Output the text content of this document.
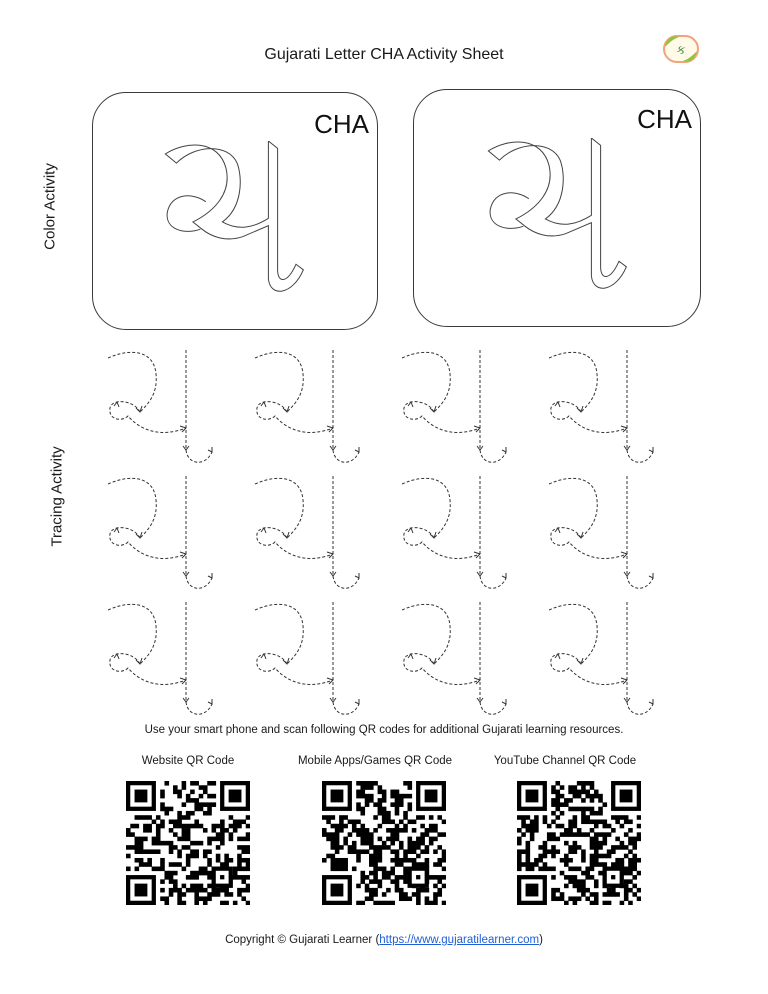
Gujarati Letter CHA Activity Sheet	ક
Color Activity
CHA	CHA
Tracing Activity
Use your smart phone and scan following QR codes for additional Gujarati learning resources.
Website QR Code	Mobile Apps/Games QR Code	YouTube Channel QR Code
Copyright © Gujarati Learner (https://www.gujaratilearner.com)
